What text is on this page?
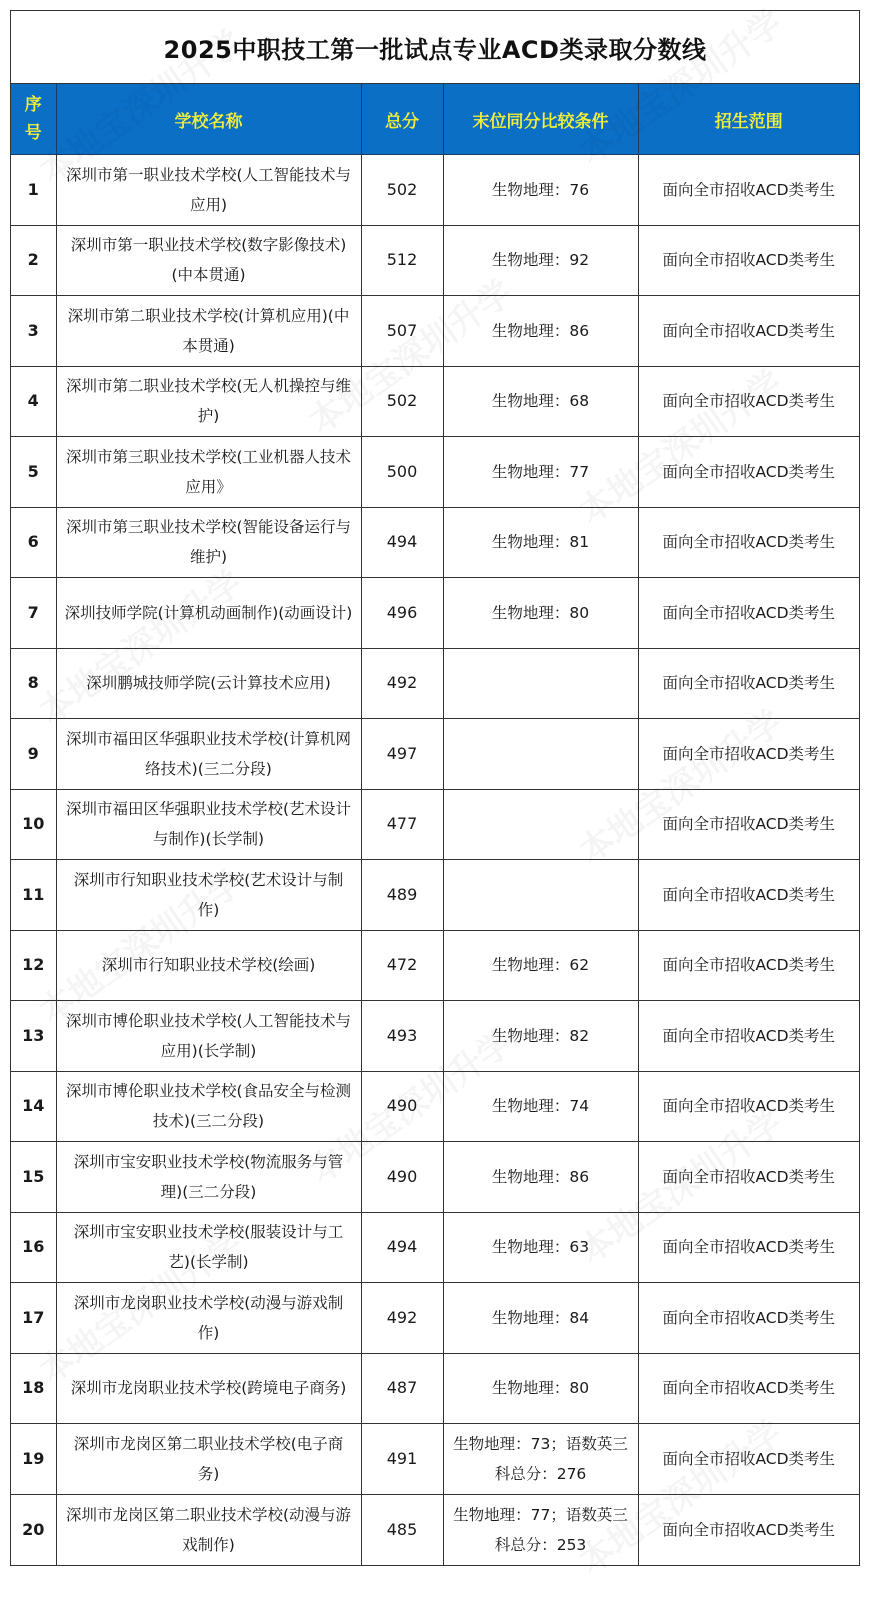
2025中职技工第一批试点专业ACD类录取分数线
序
号	学校名称	总分	末位同分比较条件	招生范围
1	深圳市第一职业技术学校(人工智能技术与应用)	502	生物地理：76	面向全市招收ACD类考生
2	深圳市第一职业技术学校(数字影像技术)(中本贯通)	512	生物地理：92	面向全市招收ACD类考生
3	深圳市第二职业技术学校(计算机应用)(中本贯通)	507	生物地理：86	面向全市招收ACD类考生
4	深圳市第二职业技术学校(无人机操控与维护)	502	生物地理：68	面向全市招收ACD类考生
5	深圳市第三职业技术学校(工业机器人技术应用》	500	生物地理：77	面向全市招收ACD类考生
6	深圳市第三职业技术学校(智能设备运行与维护)	494	生物地理：81	面向全市招收ACD类考生
7	深圳技师学院(计算机动画制作)(动画设计)	496	生物地理：80	面向全市招收ACD类考生
8	深圳鹏城技师学院(云计算技术应用)	492		面向全市招收ACD类考生
9	深圳市福田区华强职业技术学校(计算机网络技术)(三二分段)	497		面向全市招收ACD类考生
10	深圳市福田区华强职业技术学校(艺术设计与制作)(长学制)	477		面向全市招收ACD类考生
11	深圳市行知职业技术学校(艺术设计与制作)	489		面向全市招收ACD类考生
12	深圳市行知职业技术学校(绘画)	472	生物地理：62	面向全市招收ACD类考生
13	深圳市博伦职业技术学校(人工智能技术与应用)(长学制)	493	生物地理：82	面向全市招收ACD类考生
14	深圳市博伦职业技术学校(食品安全与检测技术)(三二分段)	490	生物地理：74	面向全市招收ACD类考生
15	深圳市宝安职业技术学校(物流服务与管理)(三二分段)	490	生物地理：86	面向全市招收ACD类考生
16	深圳市宝安职业技术学校(服装设计与工艺)(长学制)	494	生物地理：63	面向全市招收ACD类考生
17	深圳市龙岗职业技术学校(动漫与游戏制作)	492	生物地理：84	面向全市招收ACD类考生
18	深圳市龙岗职业技术学校(跨境电子商务)	487	生物地理：80	面向全市招收ACD类考生
19	深圳市龙岗区第二职业技术学校(电子商务)	491	生物地理：73；语数英三科总分：276	面向全市招收ACD类考生
20	深圳市龙岗区第二职业技术学校(动漫与游戏制作)	485	生物地理：77；语数英三科总分：253	面向全市招收ACD类考生
